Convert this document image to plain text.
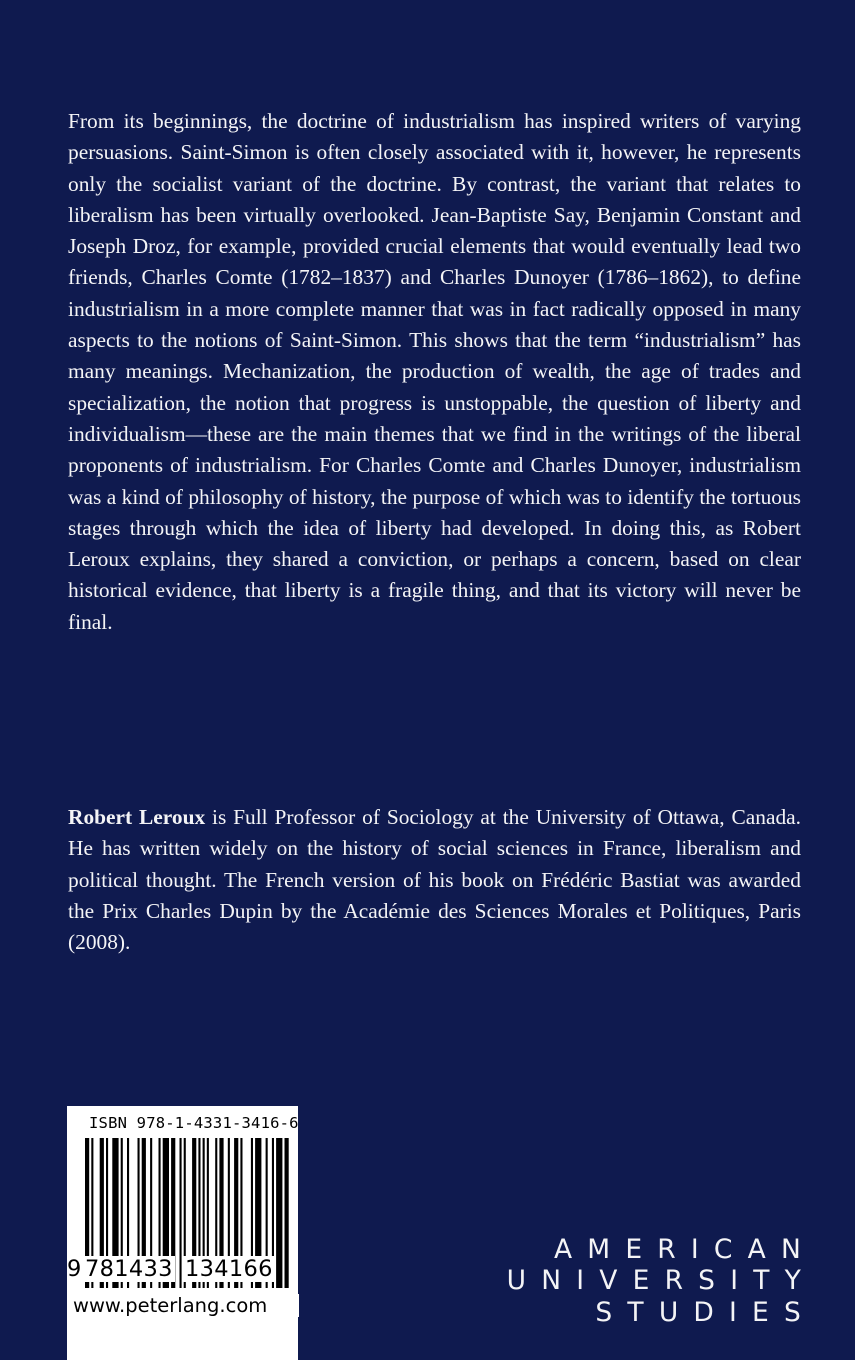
From its beginnings, the doctrine of industrialism has inspired writers of varying persuasions. Saint-Simon is often closely associated with it, however, he represents only the socialist variant of the doctrine. By contrast, the variant that relates to liberalism has been virtually overlooked. Jean-Baptiste Say, Benjamin Constant and Joseph Droz, for example, provided crucial elements that would eventually lead two friends, Charles Comte (1782–1837) and Charles Dunoyer (1786–1862), to define industrialism in a more complete manner that was in fact radically opposed in many aspects to the notions of Saint-Simon. This shows that the term “industrialism” has many meanings. Mechanization, the production of wealth, the age of trades and specialization, the notion that progress is unstoppable, the question of liberty and individualism—these are the main themes that we find in the writings of the liberal proponents of industrialism. For Charles Comte and Charles Dunoyer, industrialism was a kind of philosophy of history, the purpose of which was to identify the tortuous stages through which the idea of liberty had developed. In doing this, as Robert Leroux explains, they shared a conviction, or perhaps a concern, based on clear historical evidence, that liberty is a fragile thing, and that its victory will never be final.

Robert Leroux is Full Professor of Sociology at the University of Ottawa, Canada. He has written widely on the history of social sciences in France, liberalism and political thought. The French version of his book on Frédéric Bastiat was awarded the Prix Charles Dupin by the Académie des Sciences Morales et Politiques, Paris (2008).

ISBN 978-1-4331-3416-6
9 781433 134166
www.peterlang.com
AMERICAN
UNIVERSITY
STUDIES
